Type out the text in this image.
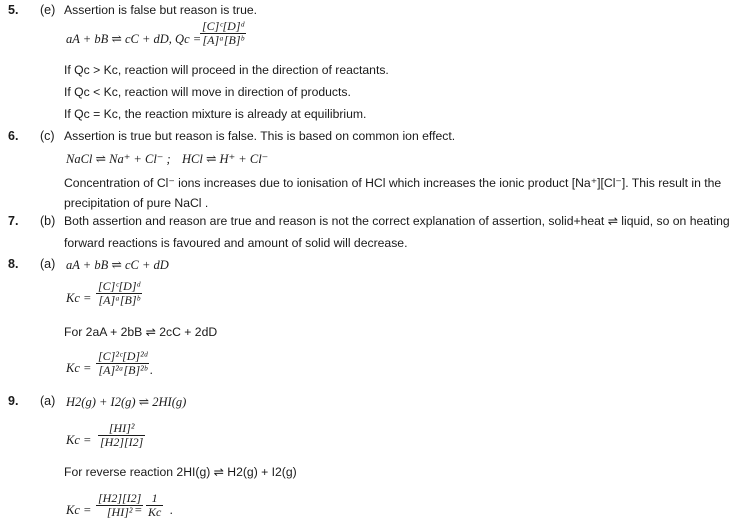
5. (e) Assertion is false but reason is true.
aA + bB ⇌ cC + dD, Qc =
$\frac{\text{[C]ᶜ[D]ᵈ}}{\text{[A]ᵃ[B]ᵇ}}$
If Qc > Kc, reaction will proceed in the direction of reactants.
If Qc < Kc, reaction will move in direction of products.
If Qc = Kc, the reaction mixture is already at equilibrium.
6. (c) Assertion is true but reason is false. This is based on common ion effect.
NaCl ⇌ Na⁺ + Cl⁻ ; HCl ⇌ H⁺ + Cl⁻
Concentration of Cl⁻ ions increases due to ionisation of HCl which increases the ionic product [Na⁺][Cl⁻]. This result in the
precipitation of pure NaCl .
7. (b) Both assertion and reason are true and reason is not the correct explanation of assertion, solid+heat ⇌ liquid, so on heating
forward reactions is favoured and amount of solid will decrease.
8. (a) aA + bB ⇌ cC + dD
$Kc = \frac{\text{[C]ᶜ[D]ᵈ}}{\text{[A]ᵃ[B]ᵇ}}$
For 2aA + 2bB ⇌ 2cC + 2dD
$Kc = \frac{\text{[C]²ᶜ[D]²ᵈ}}{\text{[A]²ᵃ[B]²ᵇ}}$ .
9. (a) H2(g) + I2(g) ⇌ 2HI(g)
$Kc = \frac{\text{[HI]²}}{[H2][I2]}$
For reverse reaction 2HI(g) ⇌ H2(g) + I2(g)
$Kc = \frac{[H2][I2]}{\text{[HI]²}}$
= $\frac{1}{Kc}$ .
